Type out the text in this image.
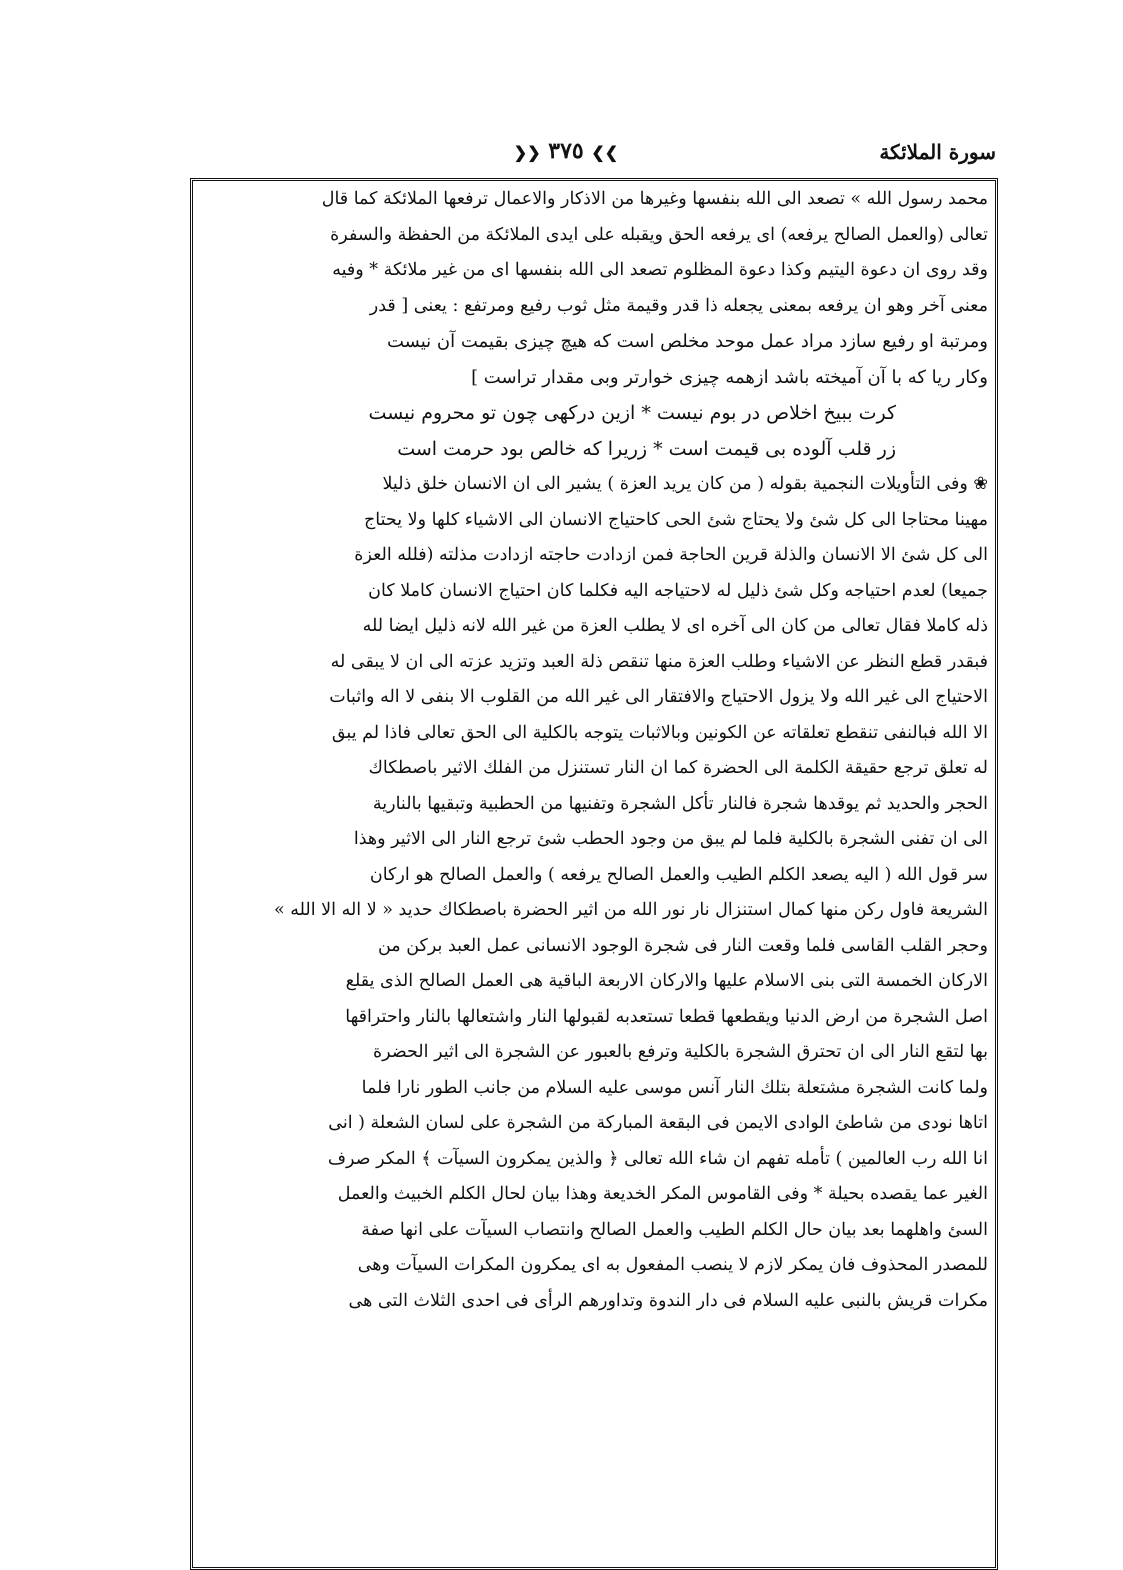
سورة الملائكة
❯❯ ٣٧٥ ❮❮
محمد رسول الله » تصعد الى الله بنفسها وغيرها من الاذكار والاعمال ترفعها الملائكة كما قال
تعالى (والعمل الصالح يرفعه) اى يرفعه الحق ويقبله على ايدى الملائكة من الحفظة والسفرة
وقد روى ان دعوة اليتيم وكذا دعوة المظلوم تصعد الى الله بنفسها اى من غير ملائكة * وفيه
معنى آخر وهو ان يرفعه بمعنى يجعله ذا قدر وقيمة مثل ثوب رفيع ومرتفع : يعنى [ قدر
ومرتبة او رفيع سازد مراد عمل موحد مخلص است كه هيچ چيزى بقيمت آن نيست
وكار ريا كه با آن آميخته باشد ازهمه چيزى خوارتر وبى مقدار تراست ]
كرت ببيخ اخلاص در بوم نيست * ازين دركهى چون تو محروم نيست
زر قلب آلوده بى قيمت است * زريرا كه خالص بود حرمت است
❀ وفى التأويلات النجمية بقوله ( من كان يريد العزة ) يشير الى ان الانسان خلق ذليلا
مهينا محتاجا الى كل شئ ولا يحتاج شئ الحى كاحتياج الانسان الى الاشياء كلها ولا يحتاج
الى كل شئ الا الانسان والذلة قرين الحاجة فمن ازدادت حاجته ازدادت مذلته (فلله العزة
جميعا) لعدم احتياجه وكل شئ ذليل له لاحتياجه اليه فكلما كان احتياج الانسان كاملا كان
ذله كاملا فقال تعالى من كان الى آخره اى لا يطلب العزة من غير الله لانه ذليل ايضا لله
فبقدر قطع النظر عن الاشياء وطلب العزة منها تنقص ذلة العبد وتزيد عزته الى ان لا يبقى له
الاحتياج الى غير الله ولا يزول الاحتياج والافتقار الى غير الله من القلوب الا بنفى لا اله واثبات
الا الله فبالنفى تنقطع تعلقاته عن الكونين وبالاثبات يتوجه بالكلية الى الحق تعالى فاذا لم يبق
له تعلق ترجع حقيقة الكلمة الى الحضرة كما ان النار تستنزل من الفلك الاثير باصطكاك
الحجر والحديد ثم يوقدها شجرة فالنار تأكل الشجرة وتفنيها من الحطبية وتبقيها بالنارية
الى ان تفنى الشجرة بالكلية فلما لم يبق من وجود الحطب شئ ترجع النار الى الاثير وهذا
سر قول الله ( اليه يصعد الكلم الطيب والعمل الصالح يرفعه ) والعمل الصالح هو اركان
الشريعة فاول ركن منها كمال استنزال نار نور الله من اثير الحضرة باصطكاك حديد « لا اله الا الله »
وحجر القلب القاسى فلما وقعت النار فى شجرة الوجود الانسانى عمل العبد بركن من
الاركان الخمسة التى بنى الاسلام عليها والاركان الاربعة الباقية هى العمل الصالح الذى يقلع
اصل الشجرة من ارض الدنيا ويقطعها قطعا تستعدبه لقبولها النار واشتعالها بالنار واحتراقها
بها لتقع النار الى ان تحترق الشجرة بالكلية وترفع بالعبور عن الشجرة الى اثير الحضرة
ولما كانت الشجرة مشتعلة بتلك النار آنس موسى عليه السلام من جانب الطور نارا فلما
اتاها نودى من شاطئ الوادى الايمن فى البقعة المباركة من الشجرة على لسان الشعلة ( انى
انا الله رب العالمين ) تأمله تفهم ان شاء الله تعالى ﴿ والذين يمكرون السيآت ﴾ المكر صرف
الغير عما يقصده بحيلة * وفى القاموس المكر الخديعة وهذا بيان لحال الكلم الخبيث والعمل
السئ واهلهما بعد بيان حال الكلم الطيب والعمل الصالح وانتصاب السيآت على انها صفة
للمصدر المحذوف فان يمكر لازم لا ينصب المفعول به اى يمكرون المكرات السيآت وهى
مكرات قريش بالنبى عليه السلام فى دار الندوة وتداورهم الرأى فى احدى الثلاث التى هى
